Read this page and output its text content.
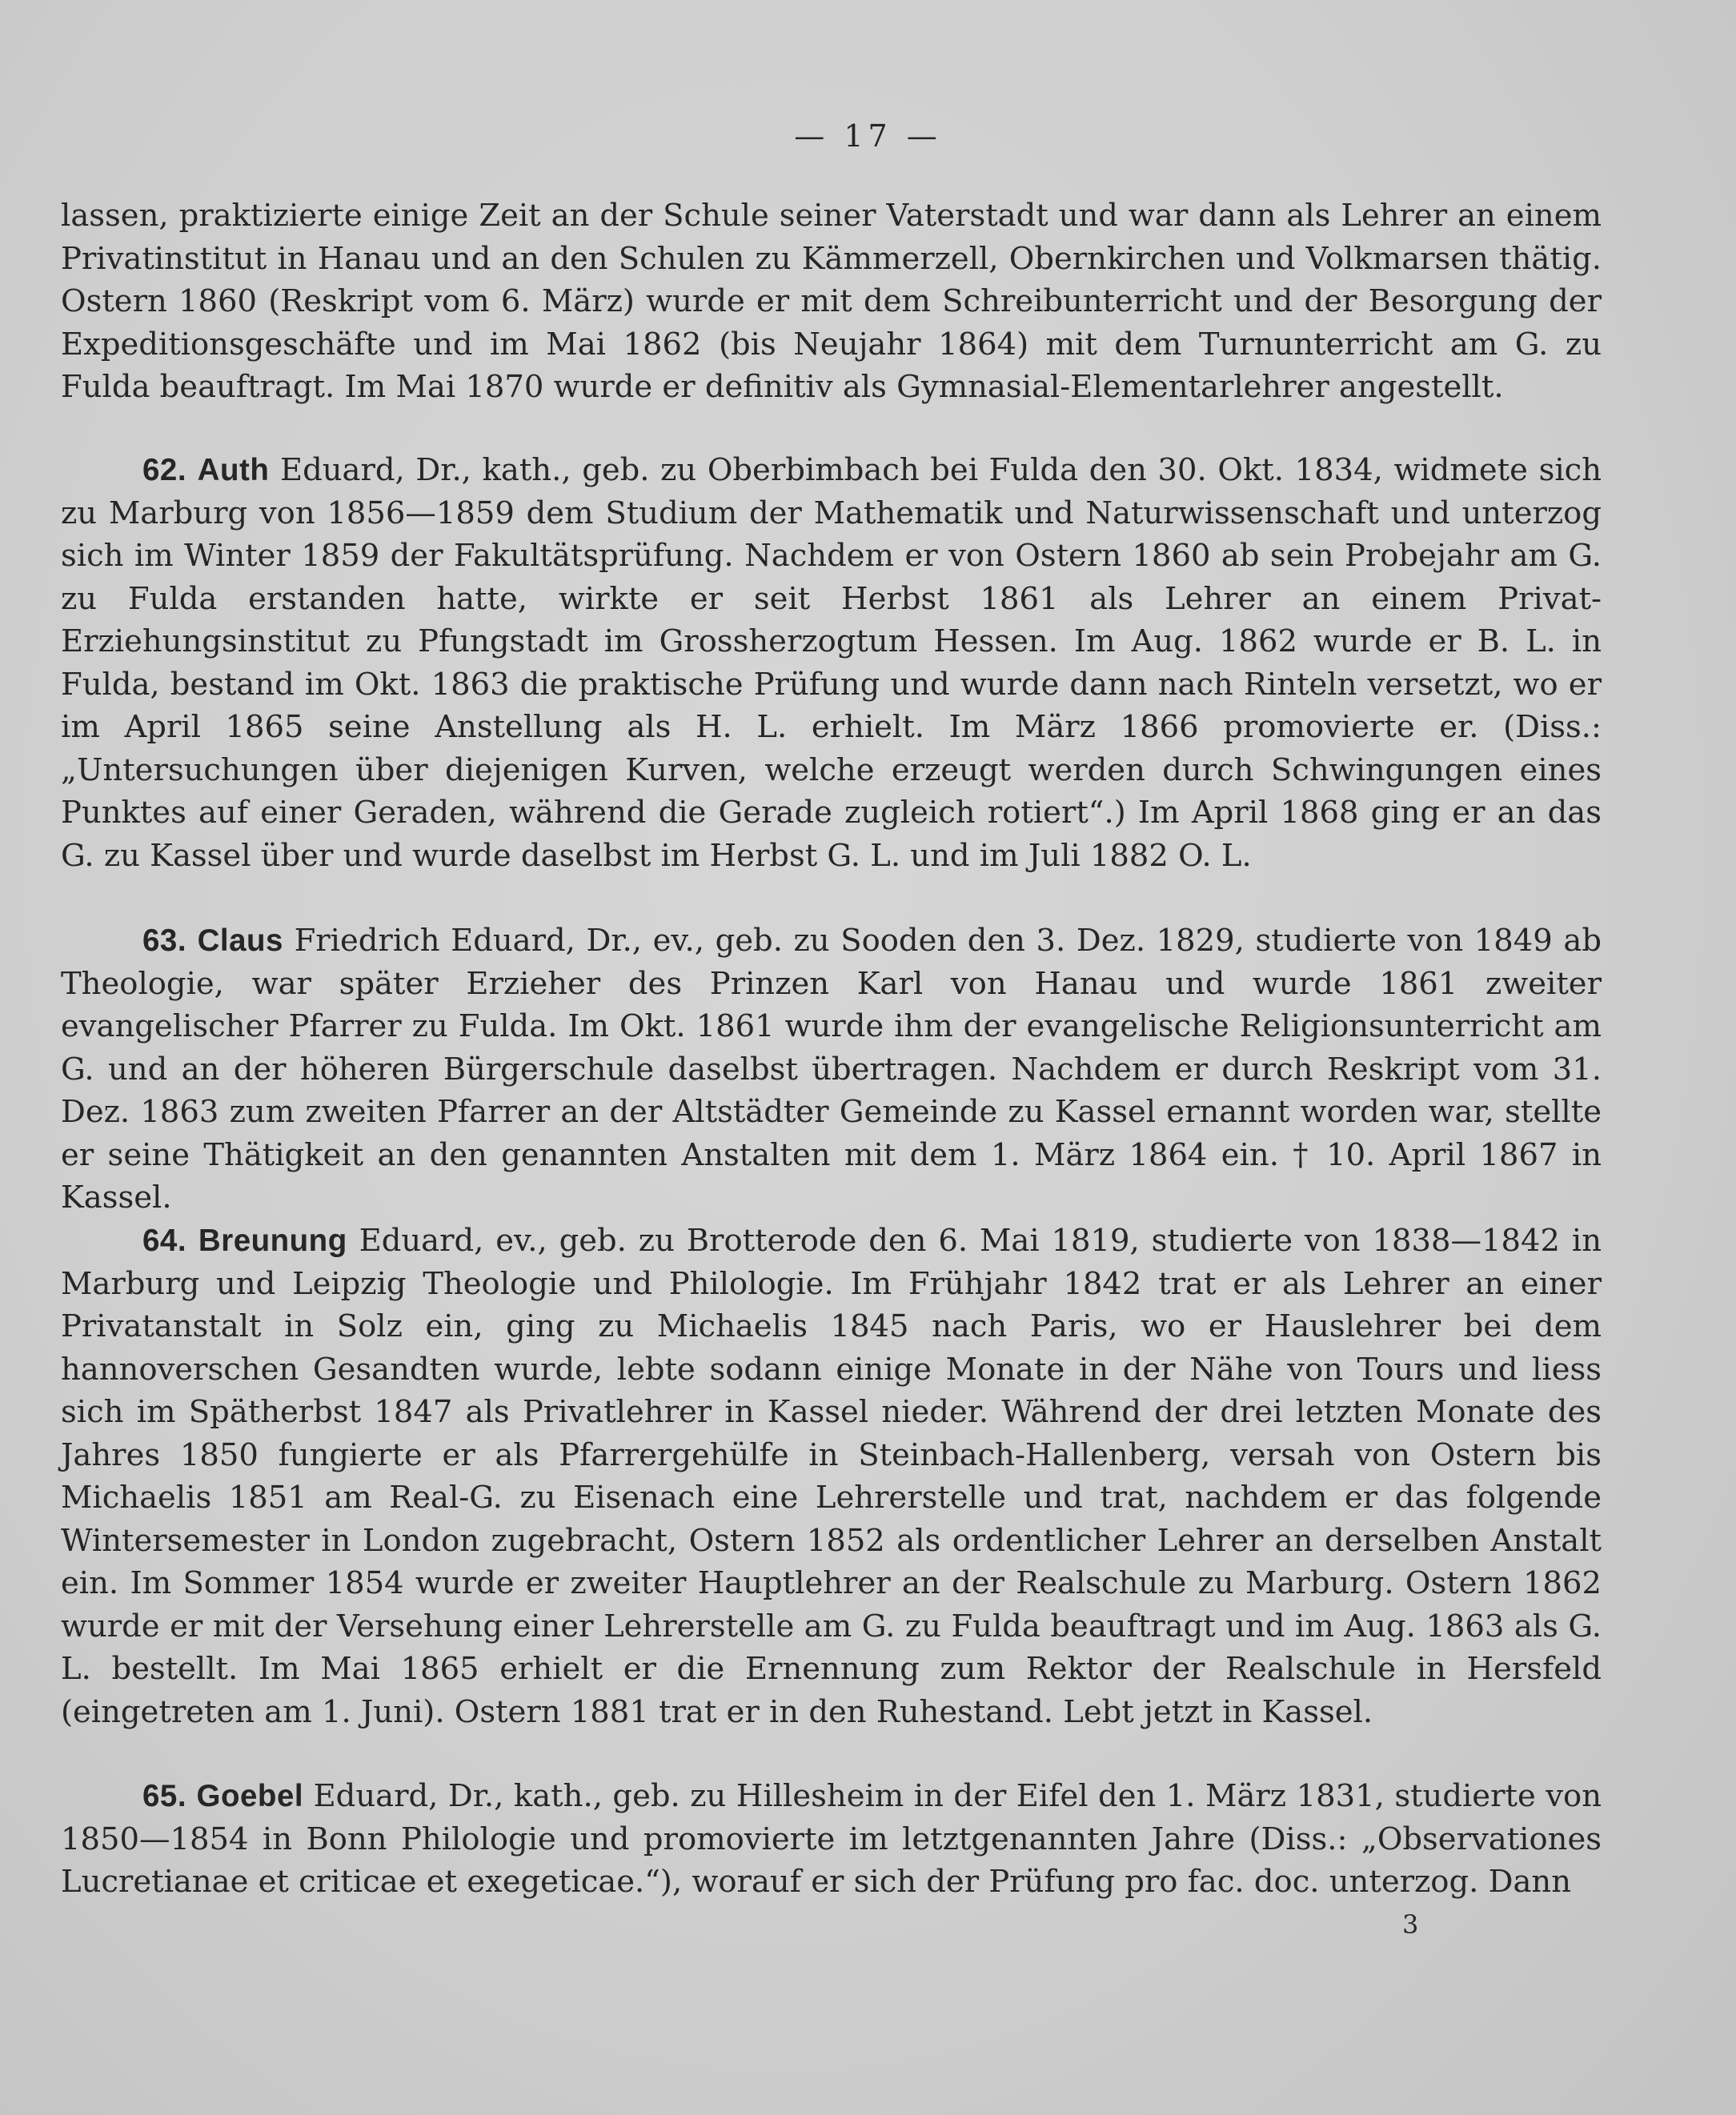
— 17 —
lassen, praktizierte einige Zeit an der Schule seiner Vaterstadt und war dann als Lehrer an einem Privatinstitut in Hanau und an den Schulen zu Kämmerzell, Obernkirchen und Volkmarsen thätig. Ostern 1860 (Reskript vom 6. März) wurde er mit dem Schreibunterricht und der Besorgung der Expeditionsgeschäfte und im Mai 1862 (bis Neujahr 1864) mit dem Turnunterricht am G. zu Fulda beauftragt. Im Mai 1870 wurde er definitiv als Gymnasial-Elementarlehrer angestellt.
62. Auth Eduard, Dr., kath., geb. zu Oberbimbach bei Fulda den 30. Okt. 1834, widmete sich zu Marburg von 1856—1859 dem Studium der Mathematik und Naturwissenschaft und unterzog sich im Winter 1859 der Fakultätsprüfung. Nachdem er von Ostern 1860 ab sein Probejahr am G. zu Fulda erstanden hatte, wirkte er seit Herbst 1861 als Lehrer an einem Privat-Erziehungsinstitut zu Pfungstadt im Grossherzogtum Hessen. Im Aug. 1862 wurde er B. L. in Fulda, bestand im Okt. 1863 die praktische Prüfung und wurde dann nach Rinteln versetzt, wo er im April 1865 seine Anstellung als H. L. erhielt. Im März 1866 promovierte er. (Diss.: „Untersuchungen über diejenigen Kurven, welche erzeugt werden durch Schwingungen eines Punktes auf einer Geraden, während die Gerade zugleich rotiert“.) Im April 1868 ging er an das G. zu Kassel über und wurde daselbst im Herbst G. L. und im Juli 1882 O. L.
63. Claus Friedrich Eduard, Dr., ev., geb. zu Sooden den 3. Dez. 1829, studierte von 1849 ab Theologie, war später Erzieher des Prinzen Karl von Hanau und wurde 1861 zweiter evangelischer Pfarrer zu Fulda. Im Okt. 1861 wurde ihm der evangelische Religionsunterricht am G. und an der höheren Bürgerschule daselbst übertragen. Nachdem er durch Reskript vom 31. Dez. 1863 zum zweiten Pfarrer an der Altstädter Gemeinde zu Kassel ernannt worden war, stellte er seine Thätigkeit an den genannten Anstalten mit dem 1. März 1864 ein. † 10. April 1867 in Kassel.
64. Breunung Eduard, ev., geb. zu Brotterode den 6. Mai 1819, studierte von 1838—1842 in Marburg und Leipzig Theologie und Philologie. Im Frühjahr 1842 trat er als Lehrer an einer Privatanstalt in Solz ein, ging zu Michaelis 1845 nach Paris, wo er Hauslehrer bei dem hannoverschen Gesandten wurde, lebte sodann einige Monate in der Nähe von Tours und liess sich im Spätherbst 1847 als Privatlehrer in Kassel nieder. Während der drei letzten Monate des Jahres 1850 fungierte er als Pfarrergehülfe in Steinbach-Hallenberg, versah von Ostern bis Michaelis 1851 am Real-G. zu Eisenach eine Lehrerstelle und trat, nachdem er das folgende Wintersemester in London zugebracht, Ostern 1852 als ordentlicher Lehrer an derselben Anstalt ein. Im Sommer 1854 wurde er zweiter Hauptlehrer an der Realschule zu Marburg. Ostern 1862 wurde er mit der Versehung einer Lehrerstelle am G. zu Fulda beauftragt und im Aug. 1863 als G. L. bestellt. Im Mai 1865 erhielt er die Ernennung zum Rektor der Realschule in Hersfeld (eingetreten am 1. Juni). Ostern 1881 trat er in den Ruhestand. Lebt jetzt in Kassel.
65. Goebel Eduard, Dr., kath., geb. zu Hillesheim in der Eifel den 1. März 1831, studierte von 1850—1854 in Bonn Philologie und promovierte im letztgenannten Jahre (Diss.: „Observationes Lucretianae et criticae et exegeticae.“), worauf er sich der Prüfung pro fac. doc. unterzog. Dann
3
